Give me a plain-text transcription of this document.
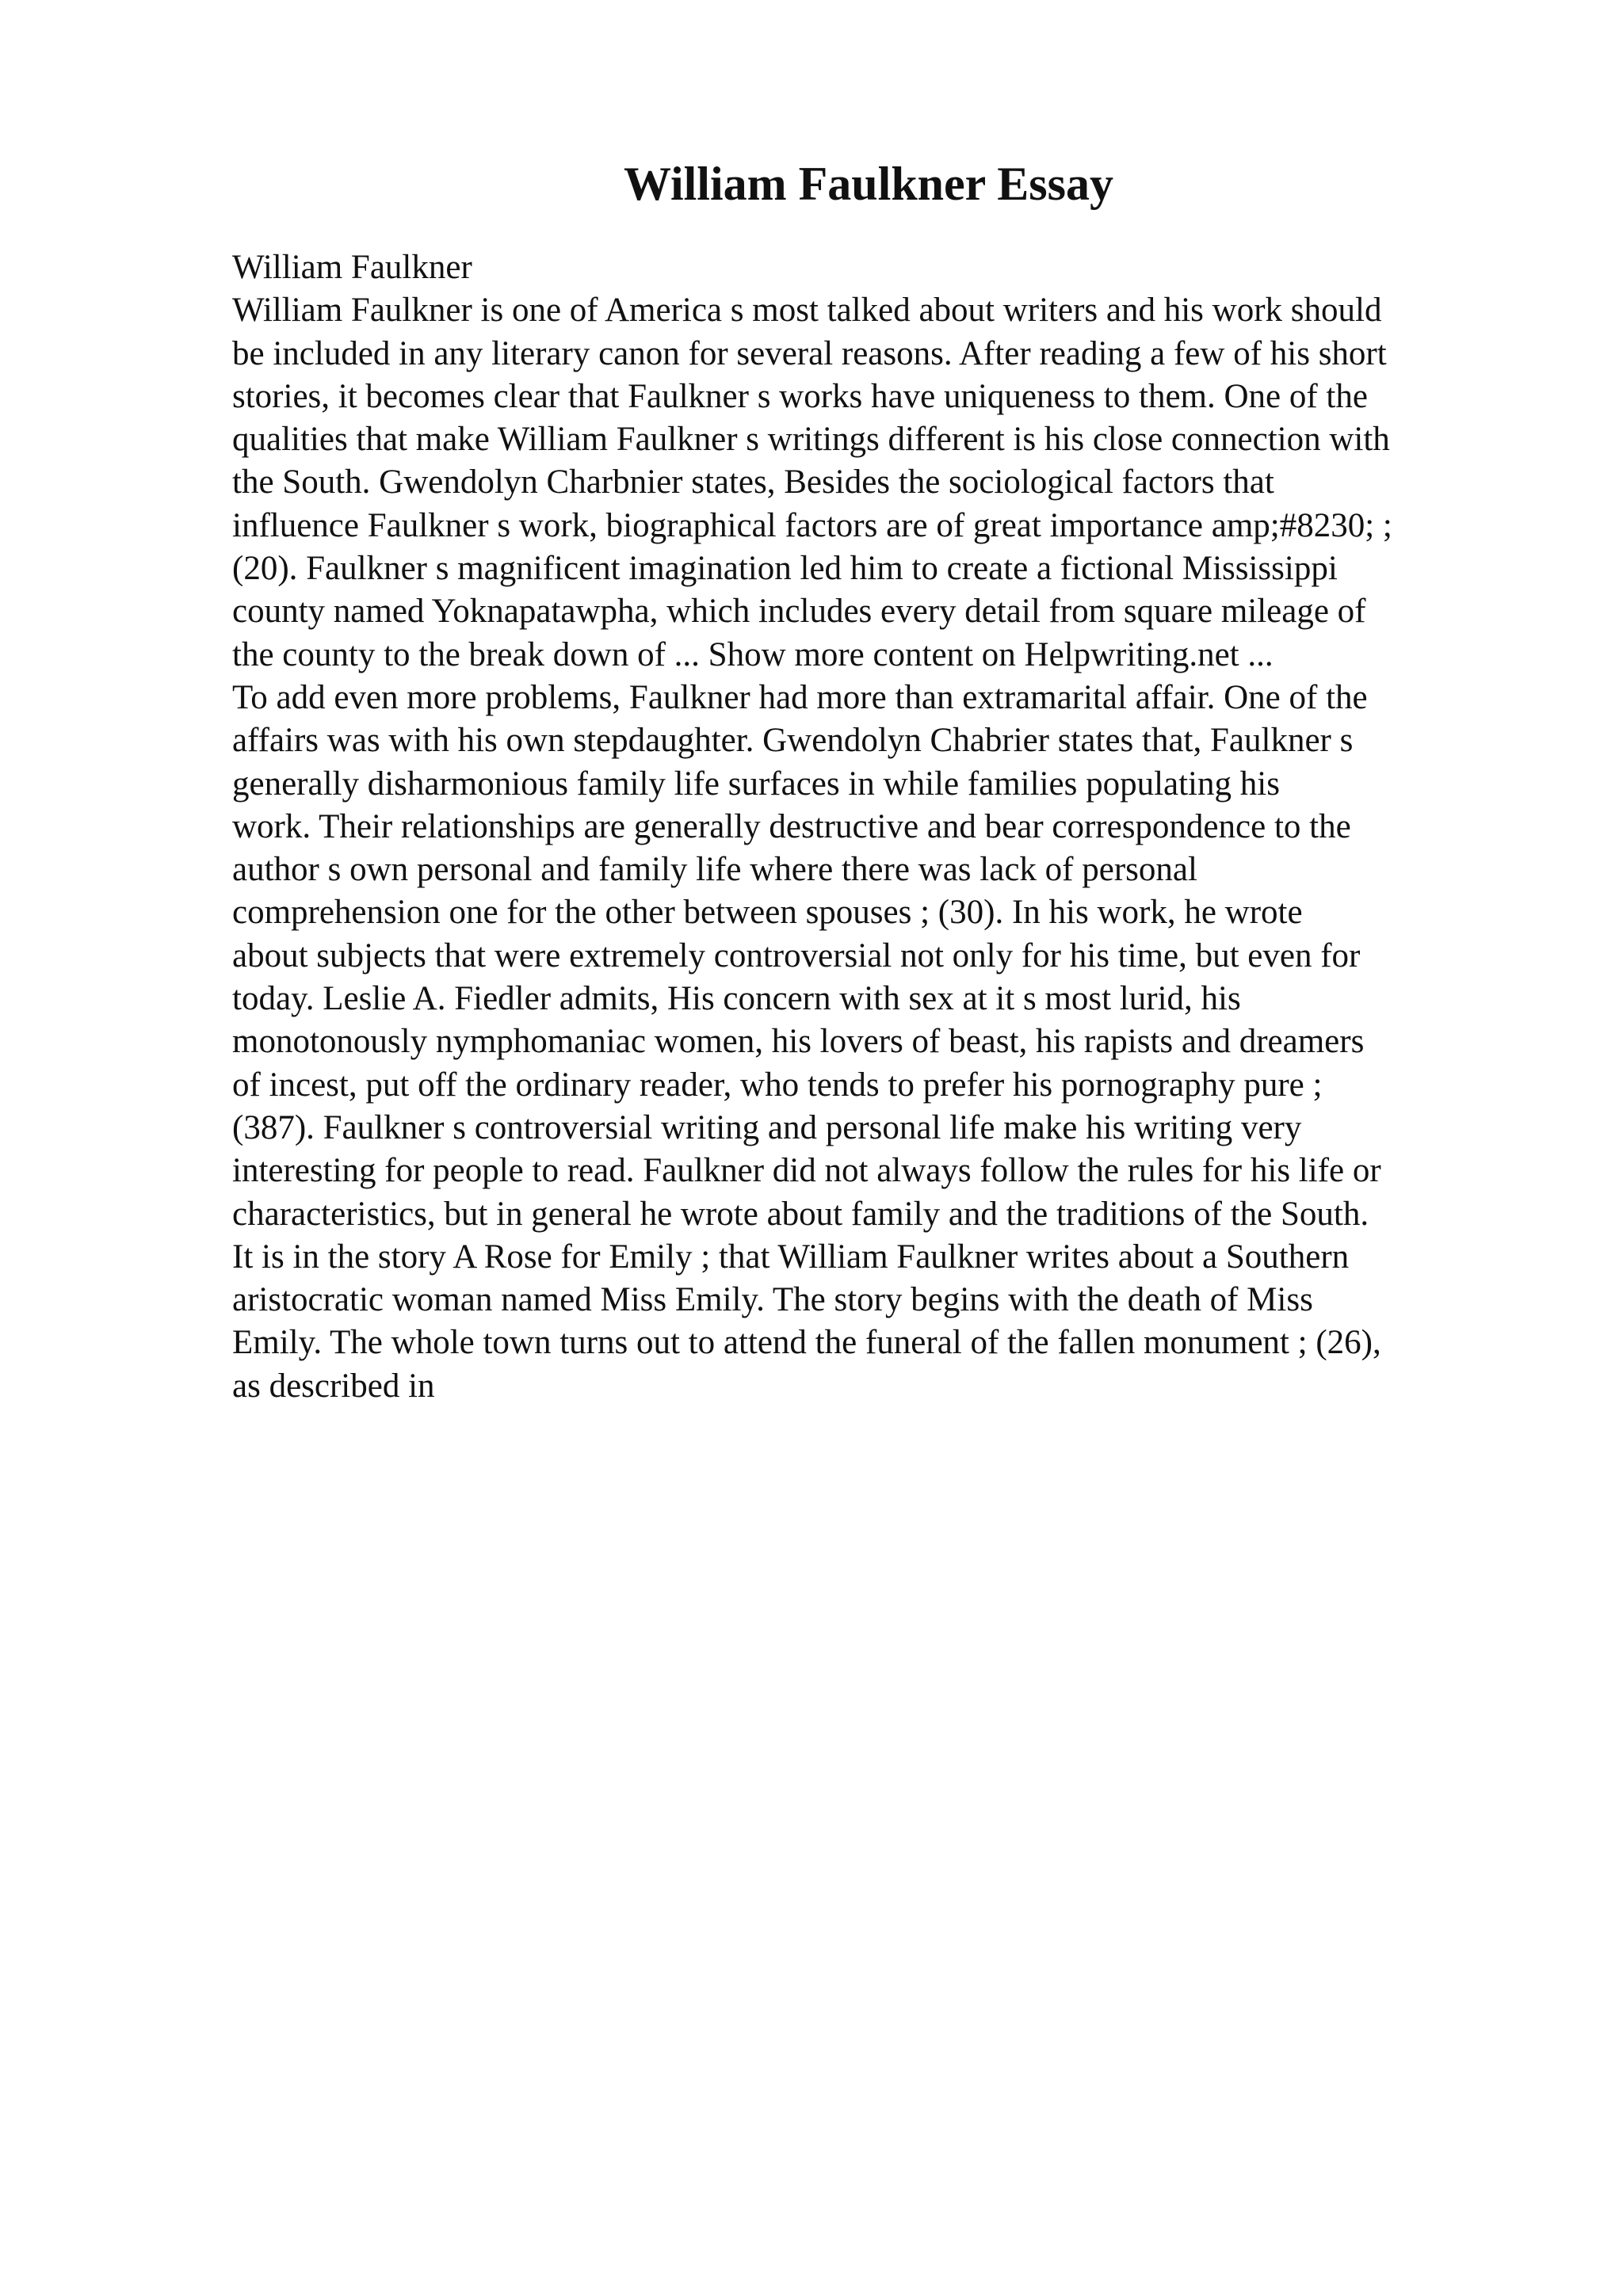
William Faulkner Essay
William Faulkner
William Faulkner is one of America s most talked about writers and his work should
be included in any literary canon for several reasons. After reading a few of his short
stories, it becomes clear that Faulkner s works have uniqueness to them. One of the
qualities that make William Faulkner s writings different is his close connection with
the South. Gwendolyn Charbnier states, Besides the sociological factors that
influence Faulkner s work, biographical factors are of great importance amp;#8230; ;
(20). Faulkner s magnificent imagination led him to create a fictional Mississippi
county named Yoknapatawpha, which includes every detail from square mileage of
the county to the break down of ... Show more content on Helpwriting.net ...
To add even more problems, Faulkner had more than extramarital affair. One of the
affairs was with his own stepdaughter. Gwendolyn Chabrier states that, Faulkner s
generally disharmonious family life surfaces in while families populating his
work. Their relationships are generally destructive and bear correspondence to the
author s own personal and family life where there was lack of personal
comprehension one for the other between spouses ; (30). In his work, he wrote
about subjects that were extremely controversial not only for his time, but even for
today. Leslie A. Fiedler admits, His concern with sex at it s most lurid, his
monotonously nymphomaniac women, his lovers of beast, his rapists and dreamers
of incest, put off the ordinary reader, who tends to prefer his pornography pure ;
(387). Faulkner s controversial writing and personal life make his writing very
interesting for people to read. Faulkner did not always follow the rules for his life or
characteristics, but in general he wrote about family and the traditions of the South.
It is in the story A Rose for Emily ; that William Faulkner writes about a Southern
aristocratic woman named Miss Emily. The story begins with the death of Miss
Emily. The whole town turns out to attend the funeral of the fallen monument ; (26),
as described in
